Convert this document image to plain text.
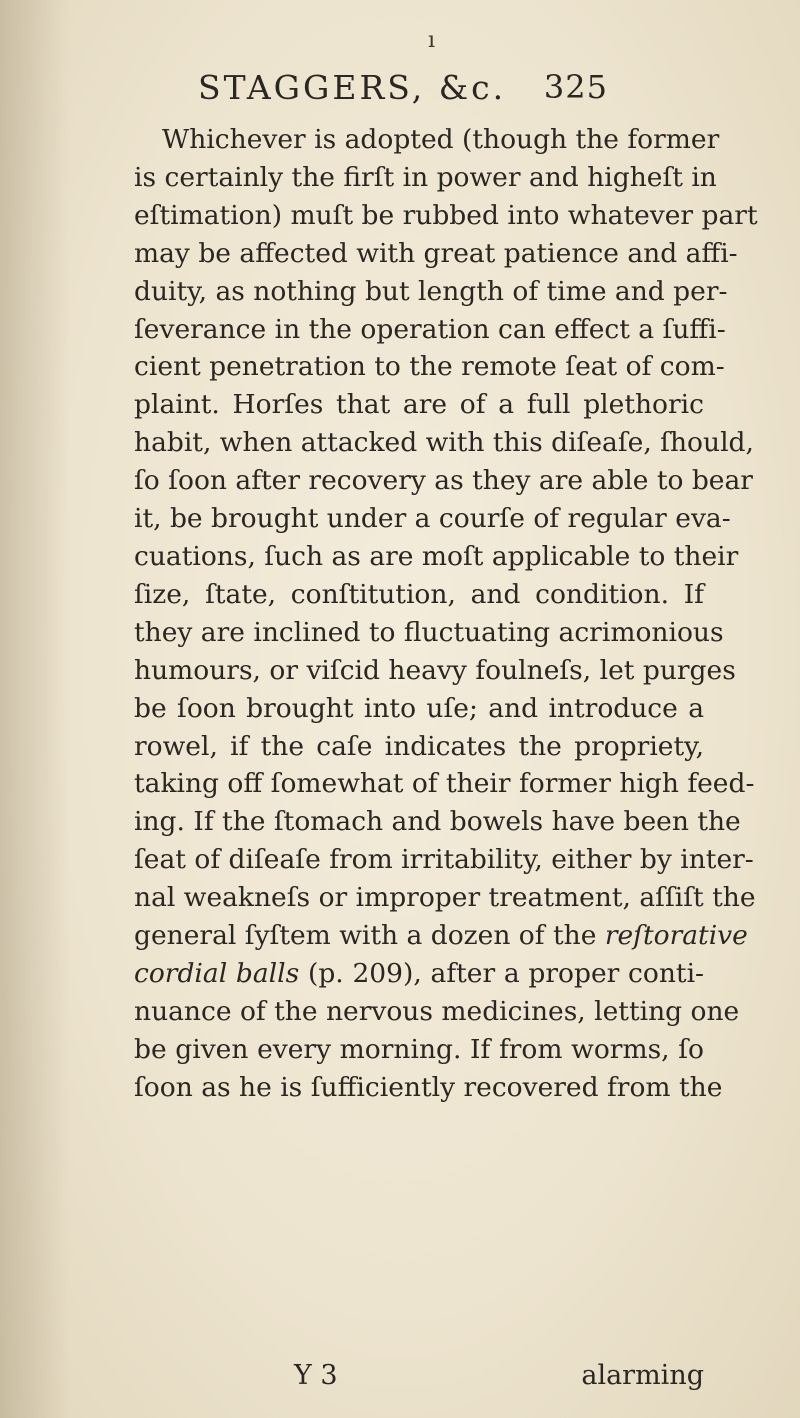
ı
STAGGERS, &c. 325
Whichever is adopted (though the former
is certainly the firſt in power and higheſt in
eſtimation) muſt be rubbed into whatever part
may be affected with great patience and affi-
duity, as nothing but length of time and per-
ſeverance in the operation can effect a ſuffi-
cient penetration to the remote ſeat of com-
plaint. Horſes that are of a full plethoric
habit, when attacked with this diſeaſe, ſhould,
ſo ſoon after recovery as they are able to bear
it, be brought under a courſe of regular eva-
cuations, ſuch as are moſt applicable to their
ſize, ſtate, conſtitution, and condition. If
they are inclined to fluctuating acrimonious
humours, or viſcid heavy foulneſs, let purges
be ſoon brought into uſe; and introduce a
rowel, if the caſe indicates the propriety,
taking off ſomewhat of their former high feed-
ing. If the ſtomach and bowels have been the
ſeat of diſeaſe from irritability, either by inter-
nal weakneſs or improper treatment, aſſiſt the
general ſyſtem with a dozen of the reſtorative
cordial balls (p. 209), after a proper conti-
nuance of the nervous medicines, letting one
be given every morning. If from worms, ſo
ſoon as he is ſufficiently recovered from the
Y 3	alarming
